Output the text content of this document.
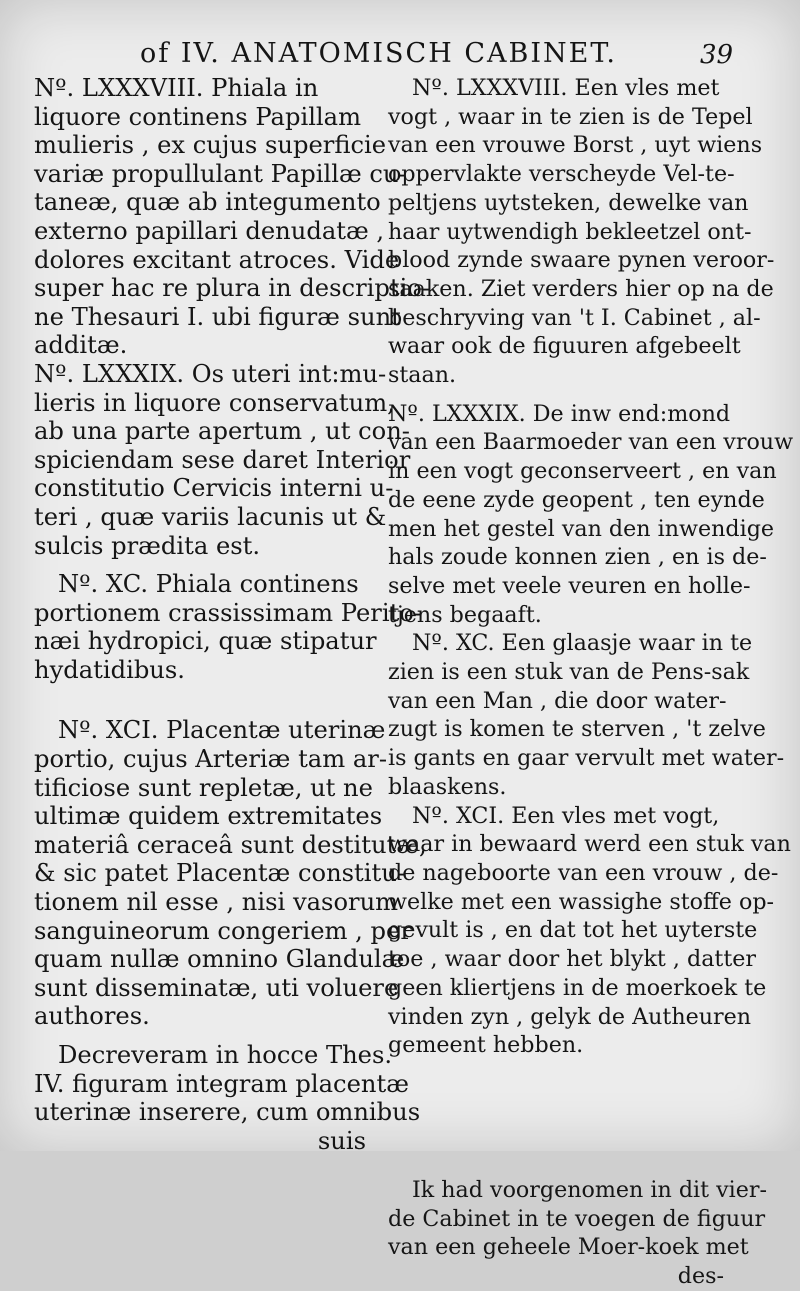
of IV. ANATOMISCH CABINET.	39

Nº. LXXXVIII. Phiala in
liquore continens Papillam
mulieris , ex cujus superficie
variæ propullulant Papillæ cu-
taneæ, quæ ab integumento
externo papillari denudatæ ,
dolores excitant atroces. Vide
super hac re plura in descriptio-
ne Thesauri I. ubi figuræ sunt
additæ.

Nº. LXXXIX. Os uteri int:mu-
lieris in liquore conservatum,
ab una parte apertum , ut con-
spiciendam sese daret Interior
constitutio Cervicis interni u-
teri , quæ variis lacunis ut &
sulcis prædita est.

Nº. XC. Phiala continens

portionem crassissimam Perito-
næi hydropici, quæ stipatur
hydatidibus.

Nº. XCI. Placentæ uterinæ

portio, cujus Arteriæ tam ar-
tificiose sunt repletæ, ut ne
ultimæ quidem extremitates
materiâ ceraceâ sunt destitutæ,
& sic patet Placentæ constitu-
tionem nil esse , nisi vasorum
sanguineorum congeriem , per
quam nullæ omnino Glandulæ
sunt disseminatæ, uti voluere
authores.

Decreveram in hocce Thes.

IV. figuram integram placentæ
uterinæ inserere, cum omnibus

suis

Nº. LXXXVIII. Een vles met

vogt , waar in te zien is de Tepel
van een vrouwe Borst , uyt wiens
oppervlakte verscheyde Vel-te-
peltjens uytsteken, dewelke van
haar uytwendigh bekleetzel ont-
blood zynde swaare pynen veroor-
saaken. Ziet verders hier op na de
beschryving van 't I. Cabinet , al-
waar ook de figuuren afgebeelt
staan.

Nº. LXXXIX. De inw end:mond
van een Baarmoeder van een vrouw
in een vogt geconserveert , en van
de eene zyde geopent , ten eynde
men het gestel van den inwendige
hals zoude konnen zien , en is de-
selve met veele veuren en holle-
tjens begaaft.

Nº. XC. Een glaasje waar in te

zien is een stuk van de Pens-sak
van een Man , die door water-
zugt is komen te sterven , 't zelve
is gants en gaar vervult met water-
blaaskens.

Nº. XCI. Een vles met vogt,

waar in bewaard werd een stuk van
de nageboorte van een vrouw , de-
welke met een wassighe stoffe op-
gevult is , en dat tot het uyterste
toe , waar door het blykt , datter
geen kliertjens in de moerkoek te
vinden zyn , gelyk de Autheuren
gemeent hebben.

Ik had voorgenomen in dit vier-

de Cabinet in te voegen de figuur
van een geheele Moer-koek met

des-
